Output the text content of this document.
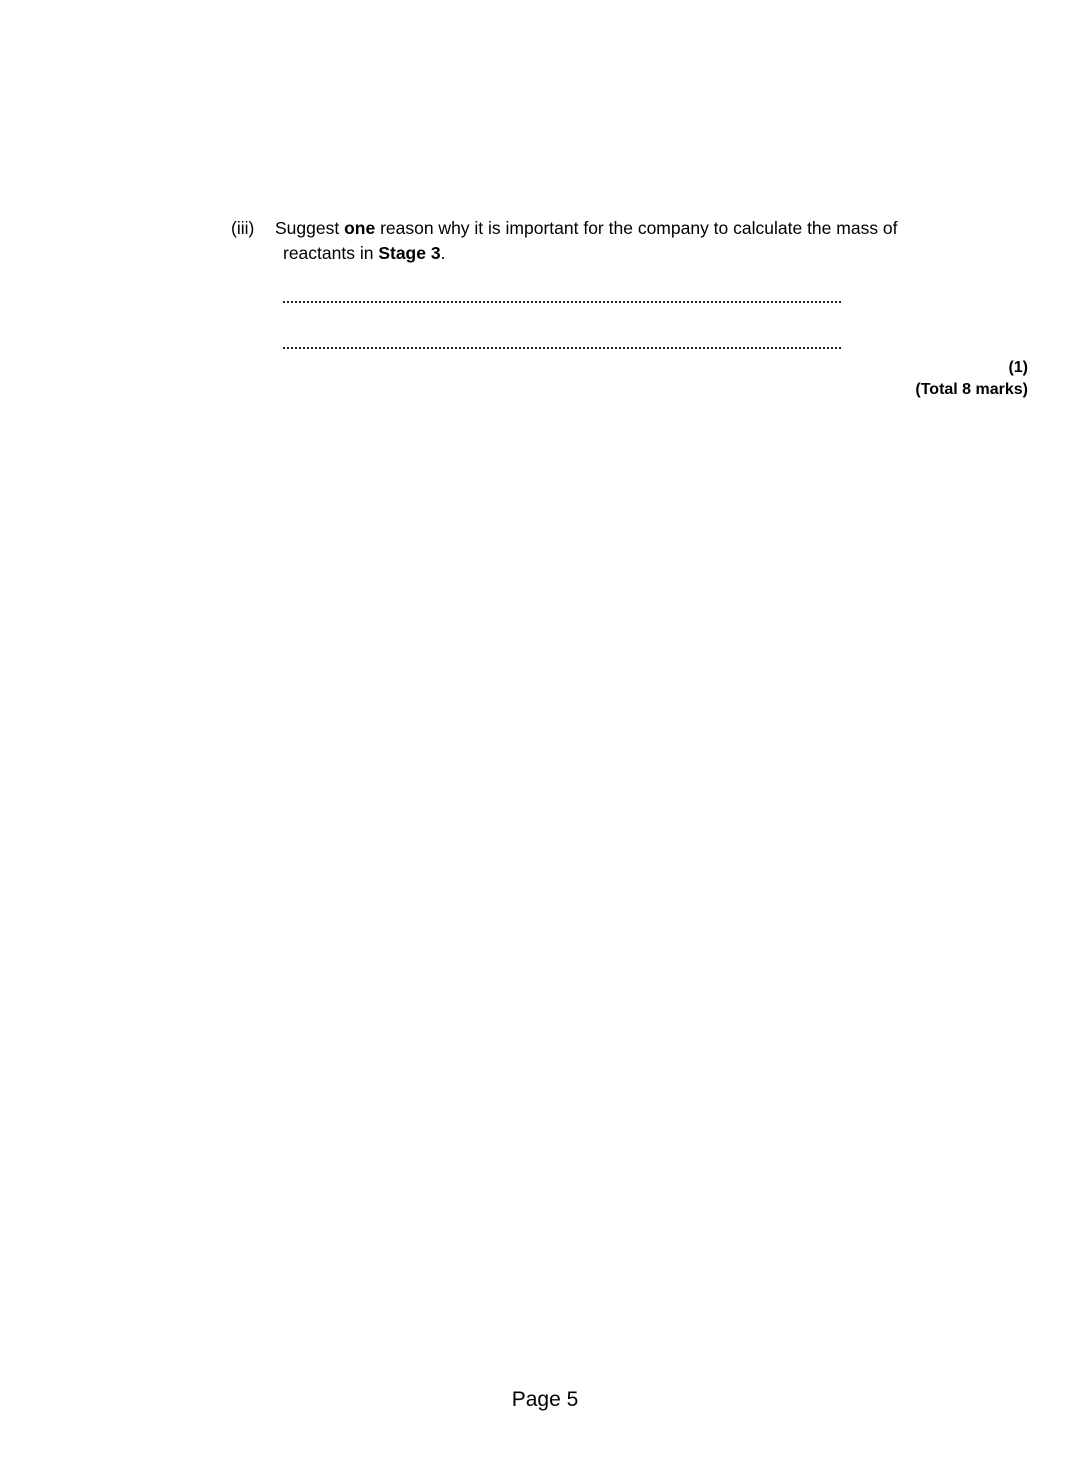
(iii) Suggest one reason why it is important for the company to calculate the mass of
reactants in Stage 3.
(1)
(Total 8 marks)
Page 5
